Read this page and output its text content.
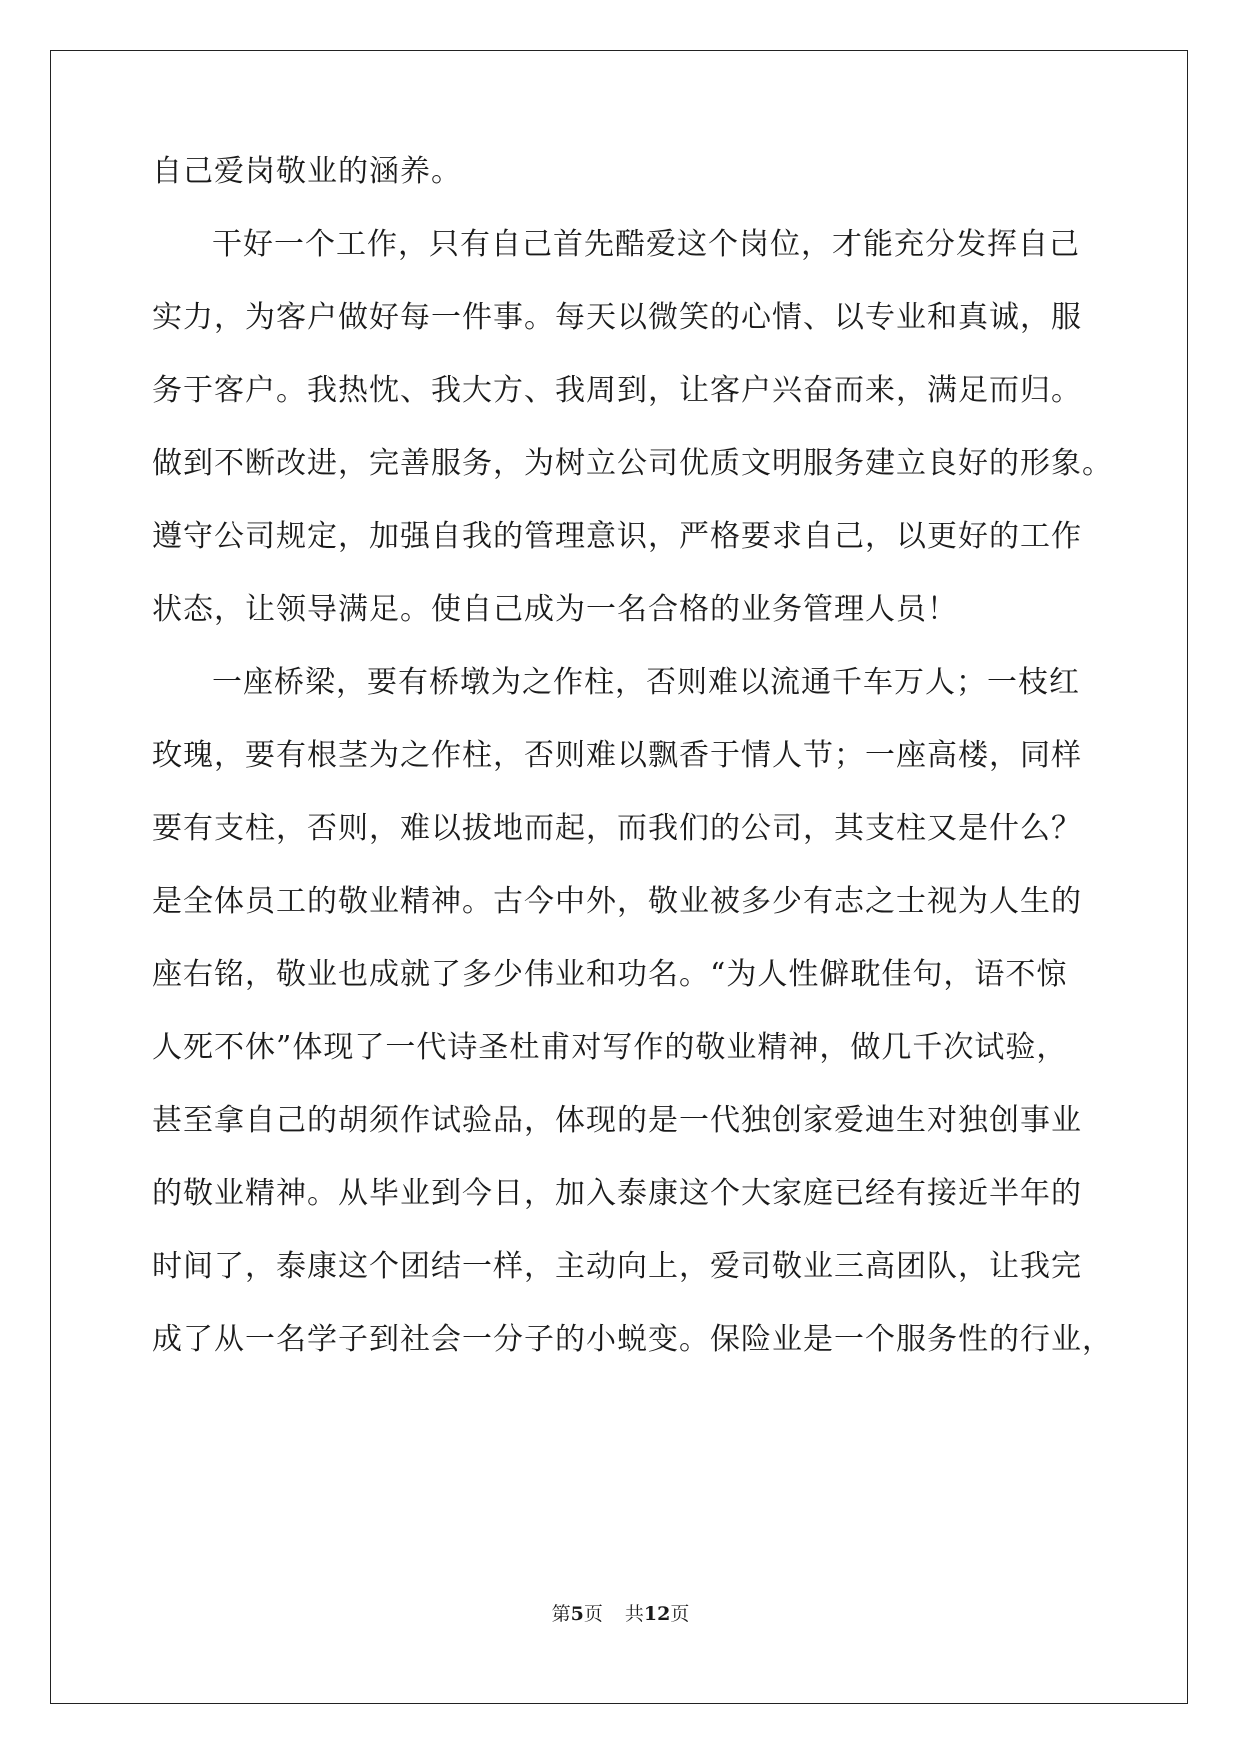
自己爱岗敬业的涵养。
干好一个工作，只有自己首先酷爱这个岗位，才能充分发挥自己
实力，为客户做好每一件事。每天以微笑的心情、以专业和真诚，服
务于客户。我热忱、我大方、我周到，让客户兴奋而来，满足而归。
做到不断改进，完善服务，为树立公司优质文明服务建立良好的形象。
遵守公司规定，加强自我的管理意识，严格要求自己，以更好的工作
状态，让领导满足。使自己成为一名合格的业务管理人员！
一座桥梁，要有桥墩为之作柱，否则难以流通千车万人；一枝红
玫瑰，要有根茎为之作柱，否则难以飘香于情人节；一座高楼，同样
要有支柱，否则，难以拔地而起，而我们的公司，其支柱又是什么？
是全体员工的敬业精神。古今中外，敬业被多少有志之士视为人生的
座右铭，敬业也成就了多少伟业和功名。“为人性僻耽佳句，语不惊
人死不休”体现了一代诗圣杜甫对写作的敬业精神，做几千次试验，
甚至拿自己的胡须作试验品，体现的是一代独创家爱迪生对独创事业
的敬业精神。从毕业到今日，加入泰康这个大家庭已经有接近半年的
时间了，泰康这个团结一样，主动向上，爱司敬业三高团队，让我完
成了从一名学子到社会一分子的小蜕变。保险业是一个服务性的行业，
第5页 共12页
